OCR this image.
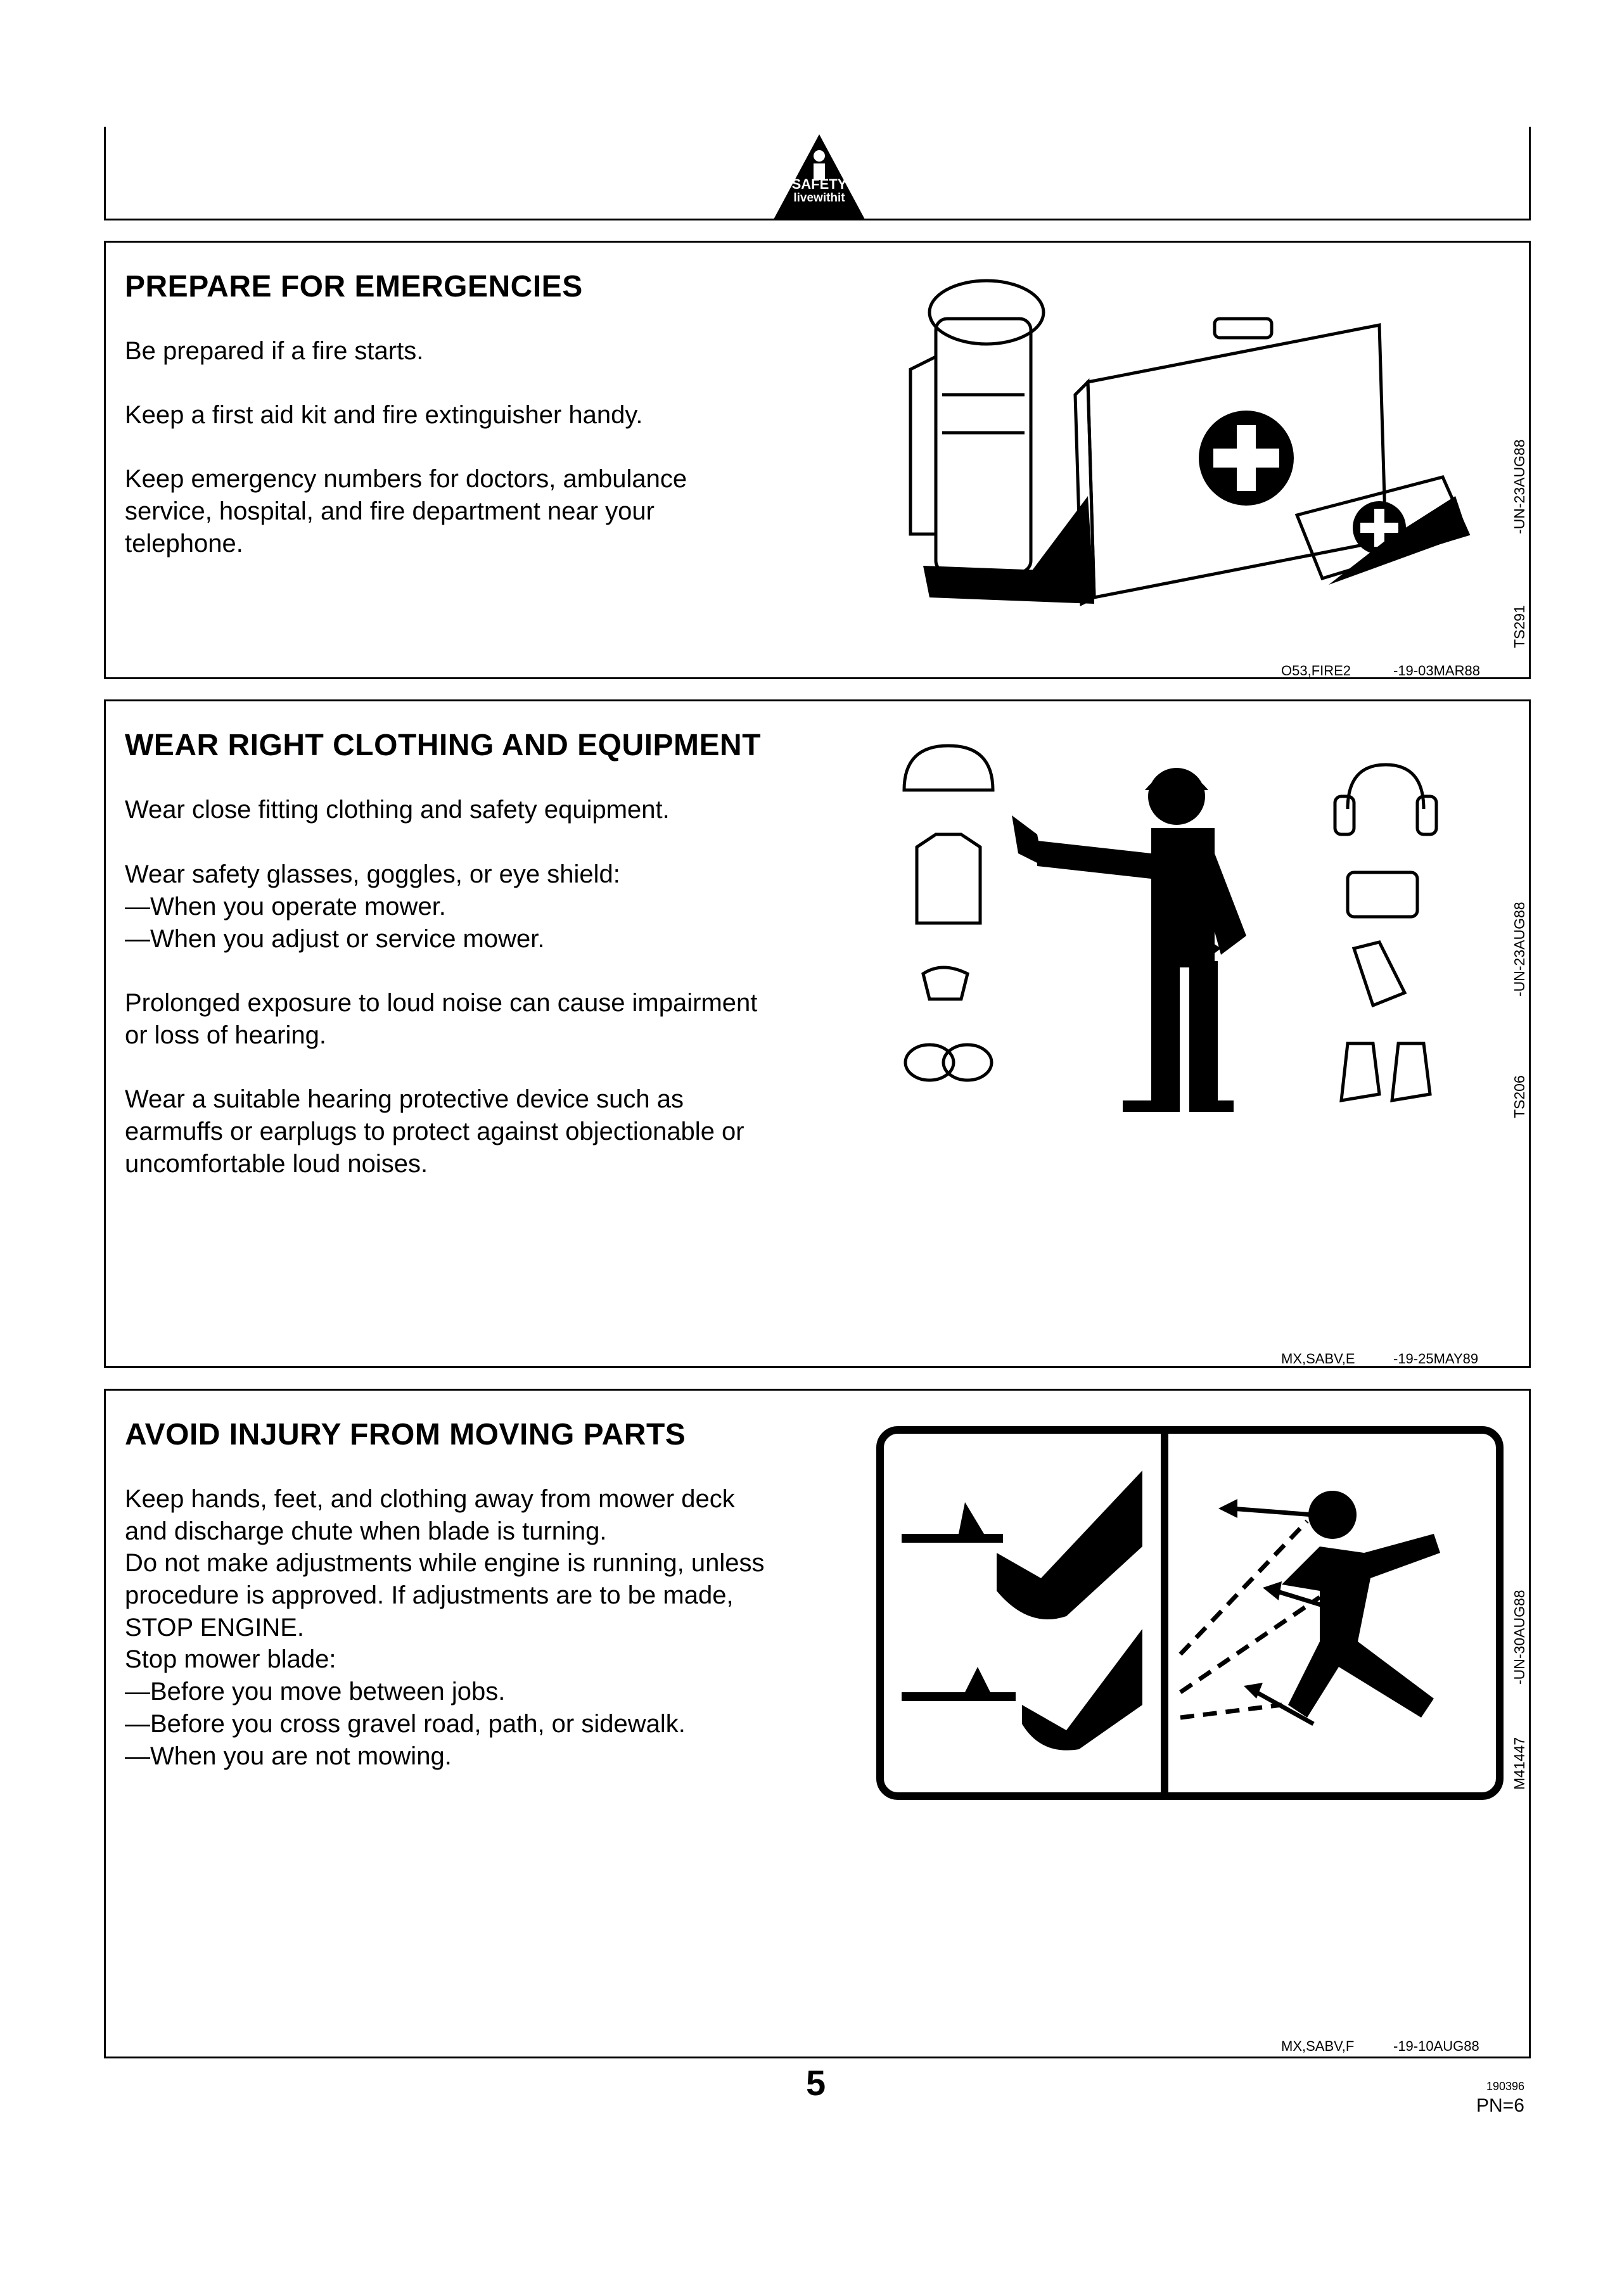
SAFETY
livewithit
PREPARE FOR EMERGENCIES
Be prepared if a fire starts.
Keep a first aid kit and fire extinguisher handy.
Keep emergency numbers for doctors, ambulance
service, hospital, and fire department near your
telephone.
TS291
-UN-23AUG88
O53,FIRE2	-19-03MAR88
WEAR RIGHT CLOTHING AND EQUIPMENT
Wear close fitting clothing and safety equipment.
Wear safety glasses, goggles, or eye shield:
—When you operate mower.
—When you adjust or service mower.
Prolonged exposure to loud noise can cause impairment
or loss of hearing.
Wear a suitable hearing protective device such as
earmuffs or earplugs to protect against objectionable or
uncomfortable loud noises.
TS206
-UN-23AUG88
MX,SABV,E	-19-25MAY89
AVOID INJURY FROM MOVING PARTS
Keep hands, feet, and clothing away from mower deck
and discharge chute when blade is turning.
Do not make adjustments while engine is running, unless
procedure is approved. If adjustments are to be made,
STOP ENGINE.
Stop mower blade:
—Before you move between jobs.
—Before you cross gravel road, path, or sidewalk.
—When you are not mowing.	M41447
-UN-30AUG88
MX,SABV,F	-19-10AUG88
5	190396
PN=6
